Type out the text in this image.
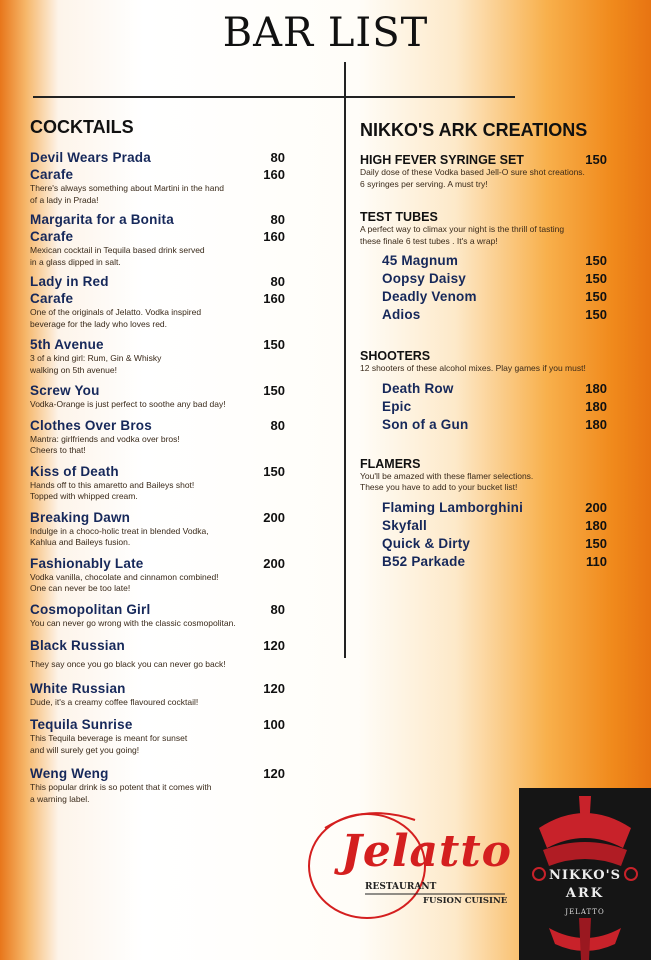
BAR LIST
COCKTAILS
Devil Wears Prada	80
Carafe	160
There's always something about Martini in the hand
of a lady in Prada!
Margarita for a Bonita	80
Carafe	160
Mexican cocktail in Tequila based drink served
in a glass dipped in salt.
Lady in Red	80
Carafe	160
One of the originals of Jelatto. Vodka inspired
beverage for the lady who loves red.
5th Avenue	150
3 of a kind girl: Rum, Gin & Whisky
walking on 5th avenue!
Screw You	150
Vodka-Orange is just perfect to soothe any bad day!
Clothes Over Bros	80
Mantra: girlfriends and vodka over bros!
Cheers to that!
Kiss of Death	150
Hands off to this amaretto and Baileys shot!
Topped with whipped cream.
Breaking Dawn	200
Indulge in a choco-holic treat in blended Vodka,
Kahlua and Baileys fusion.
Fashionably Late	200
Vodka vanilla, chocolate and cinnamon combined!
One can never be too late!
Cosmopolitan Girl	80
You can never go wrong with the classic cosmopolitan.
Black Russian	120
They say once you go black you can never go back!
White Russian	120
Dude, it's a creamy coffee flavoured cocktail!
Tequila Sunrise	100
This Tequila beverage is meant for sunset
and will surely get you going!
Weng Weng	120
This popular drink is so potent that it comes with
a warning label.
NIKKO'S ARK CREATIONS
HIGH FEVER SYRINGE SET	150
Daily dose of these Vodka based Jell-O sure shot creations.
6 syringes per serving. A must try!
TEST TUBES
A perfect way to climax your night is the thrill of tasting
these finale 6 test tubes . It's a wrap!
45 Magnum	150
Oopsy Daisy	150
Deadly Venom	150
Adios	150
SHOOTERS
12 shooters of these alcohol mixes. Play games if you must!
Death Row	180
Epic	180
Son of a Gun	180
FLAMERS
You'll be amazed with these flamer selections.
These you have to add to your bucket list!
Flaming Lamborghini	200
Skyfall	180
Quick & Dirty	150
B52 Parkade	110
Jelatto
RESTAURANT
FUSION CUISINE
NIKKO'S
ARK
JELATTO
